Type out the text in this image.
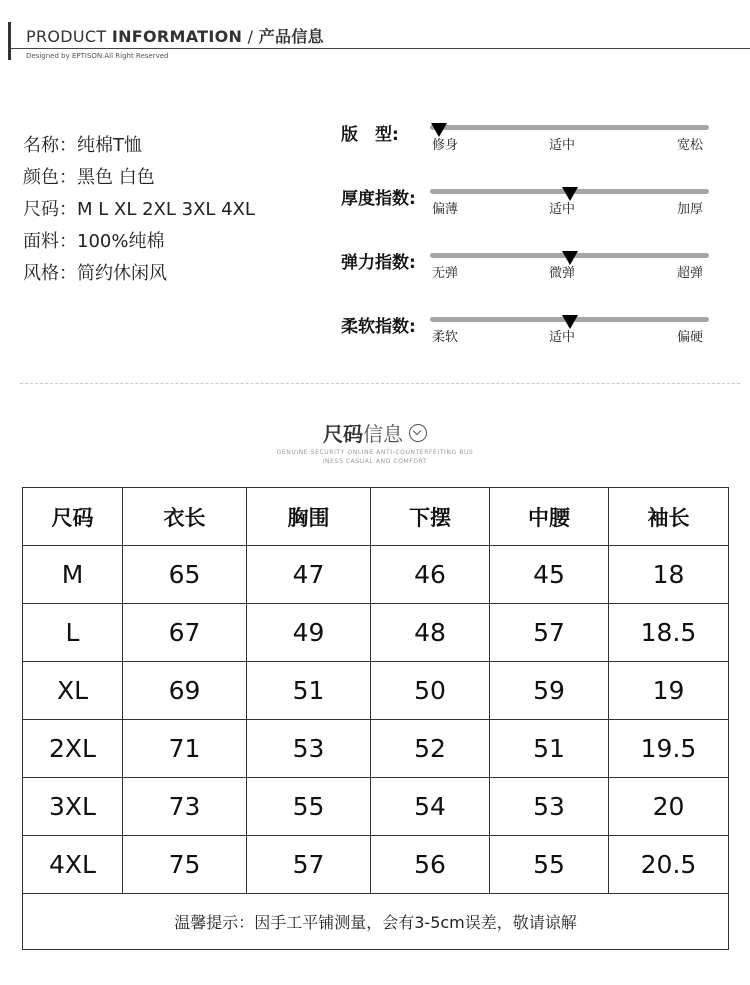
PRODUCT INFORMATION / 产品信息
Designed by EPTISON.All Right Reserved
名称：纯棉T恤
颜色：黑色 白色
尺码：M L XL 2XL 3XL 4XL
面料：100%纯棉
风格：简约休闲风
版　型:
修身	适中	宽松
厚度指数:
偏薄	适中	加厚
弹力指数:
无弹	微弹	超弹
柔软指数:
柔软	适中	偏硬
尺码信息
GENUINE SECURITY ONLINE ANTI-COUNTERFEITING BUS
INESS CASUAL AND COMFORT
尺码	衣长	胸围	下摆	中腰	袖长
M	65	47	46	45	18
L	67	49	48	57	18.5
XL	69	51	50	59	19
2XL	71	53	52	51	19.5
3XL	73	55	54	53	20
4XL	75	57	56	55	20.5
温馨提示：因手工平铺测量，会有3-5cm误差，敬请谅解					
